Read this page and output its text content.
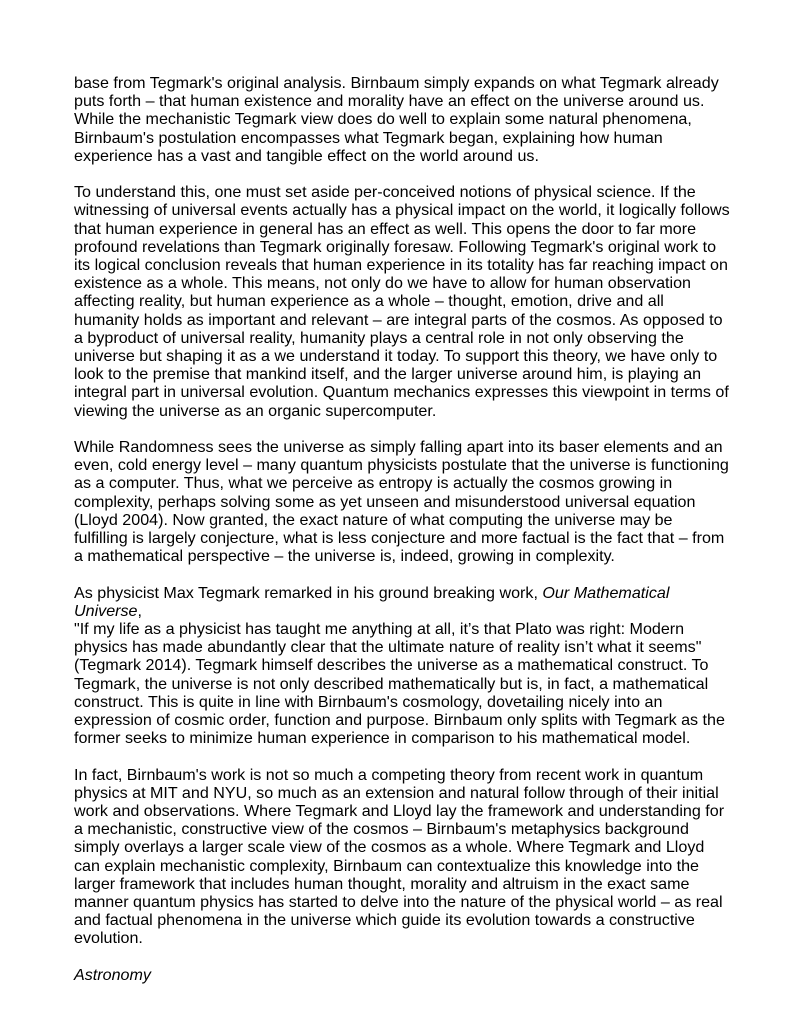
base from Tegmark's original analysis. Birnbaum simply expands on what Tegmark already puts forth – that human existence and morality have an effect on the universe around us. While the mechanistic Tegmark view does do well to explain some natural phenomena, Birnbaum's postulation encompasses what Tegmark began, explaining how human experience has a vast and tangible effect on the world around us.

To understand this, one must set aside per-conceived notions of physical science. If the witnessing of universal events actually has a physical impact on the world, it logically follows that human experience in general has an effect as well. This opens the door to far more profound revelations than Tegmark originally foresaw. Following Tegmark's original work to its logical conclusion reveals that human experience in its totality has far reaching impact on existence as a whole. This means, not only do we have to allow for human observation affecting reality, but human experience as a whole – thought, emotion, drive and all humanity holds as important and relevant – are integral parts of the cosmos. As opposed to a byproduct of universal reality, humanity plays a central role in not only observing the universe but shaping it as a we understand it today. To support this theory, we have only to look to the premise that mankind itself, and the larger universe around him, is playing an integral part in universal evolution. Quantum mechanics expresses this viewpoint in terms of viewing the universe as an organic supercomputer.

While Randomness sees the universe as simply falling apart into its baser elements and an even, cold energy level – many quantum physicists postulate that the universe is functioning as a computer. Thus, what we perceive as entropy is actually the cosmos growing in complexity, perhaps solving some as yet unseen and misunderstood universal equation (Lloyd 2004). Now granted, the exact nature of what computing the universe may be fulfilling is largely conjecture, what is less conjecture and more factual is the fact that – from a mathematical perspective – the universe is, indeed, growing in complexity.

As physicist Max Tegmark remarked in his ground breaking work, Our Mathematical Universe,

"If my life as a physicist has taught me anything at all, it’s that Plato was right: Modern physics has made abundantly clear that the ultimate nature of reality isn’t what it seems" (Tegmark 2014). Tegmark himself describes the universe as a mathematical construct. To Tegmark, the universe is not only described mathematically but is, in fact, a mathematical construct. This is quite in line with Birnbaum's cosmology, dovetailing nicely into an expression of cosmic order, function and purpose. Birnbaum only splits with Tegmark as the former seeks to minimize human experience in comparison to his mathematical model.

In fact, Birnbaum's work is not so much a competing theory from recent work in quantum physics at MIT and NYU, so much as an extension and natural follow through of their initial work and observations. Where Tegmark and Lloyd lay the framework and understanding for a mechanistic, constructive view of the cosmos – Birnbaum's metaphysics background simply overlays a larger scale view of the cosmos as a whole. Where Tegmark and Lloyd can explain mechanistic complexity, Birnbaum can contextualize this knowledge into the larger framework that includes human thought, morality and altruism in the exact same manner quantum physics has started to delve into the nature of the physical world – as real and factual phenomena in the universe which guide its evolution towards a constructive evolution.

Astronomy
